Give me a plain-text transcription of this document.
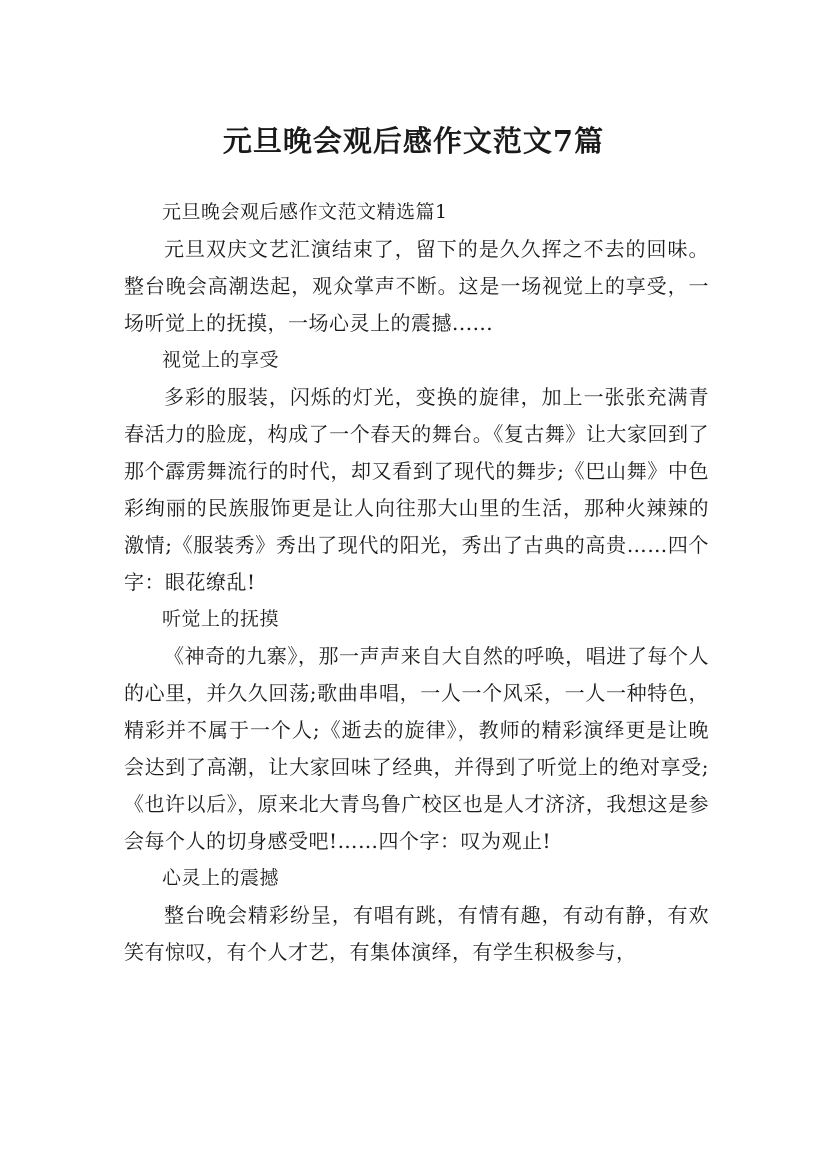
元旦晚会观后感作文范文7篇

元旦晚会观后感作文范文精选篇1

元旦双庆文艺汇演结束了，留下的是久久挥之不去的回味。整台晚会高潮迭起，观众掌声不断。这是一场视觉上的享受，一场听觉上的抚摸，一场心灵上的震撼......

视觉上的享受

多彩的服装，闪烁的灯光，变换的旋律，加上一张张充满青春活力的脸庞，构成了一个春天的舞台。《复古舞》让大家回到了那个霹雳舞流行的时代，却又看到了现代的舞步;《巴山舞》中色彩绚丽的民族服饰更是让人向往那大山里的生活，那种火辣辣的激情;《服装秀》秀出了现代的阳光，秀出了古典的高贵……四个字：眼花缭乱!

听觉上的抚摸

《神奇的九寨》，那一声声来自大自然的呼唤，唱进了每个人的心里，并久久回荡;歌曲串唱，一人一个风采，一人一种特色，精彩并不属于一个人;《逝去的旋律》，教师的精彩演绎更是让晚会达到了高潮，让大家回味了经典，并得到了听觉上的绝对享受;《也许以后》，原来北大青鸟鲁广校区也是人才济济，我想这是参会每个人的切身感受吧!……四个字：叹为观止!

心灵上的震撼

整台晚会精彩纷呈，有唱有跳，有情有趣，有动有静，有欢笑有惊叹，有个人才艺，有集体演绎，有学生积极参与，
